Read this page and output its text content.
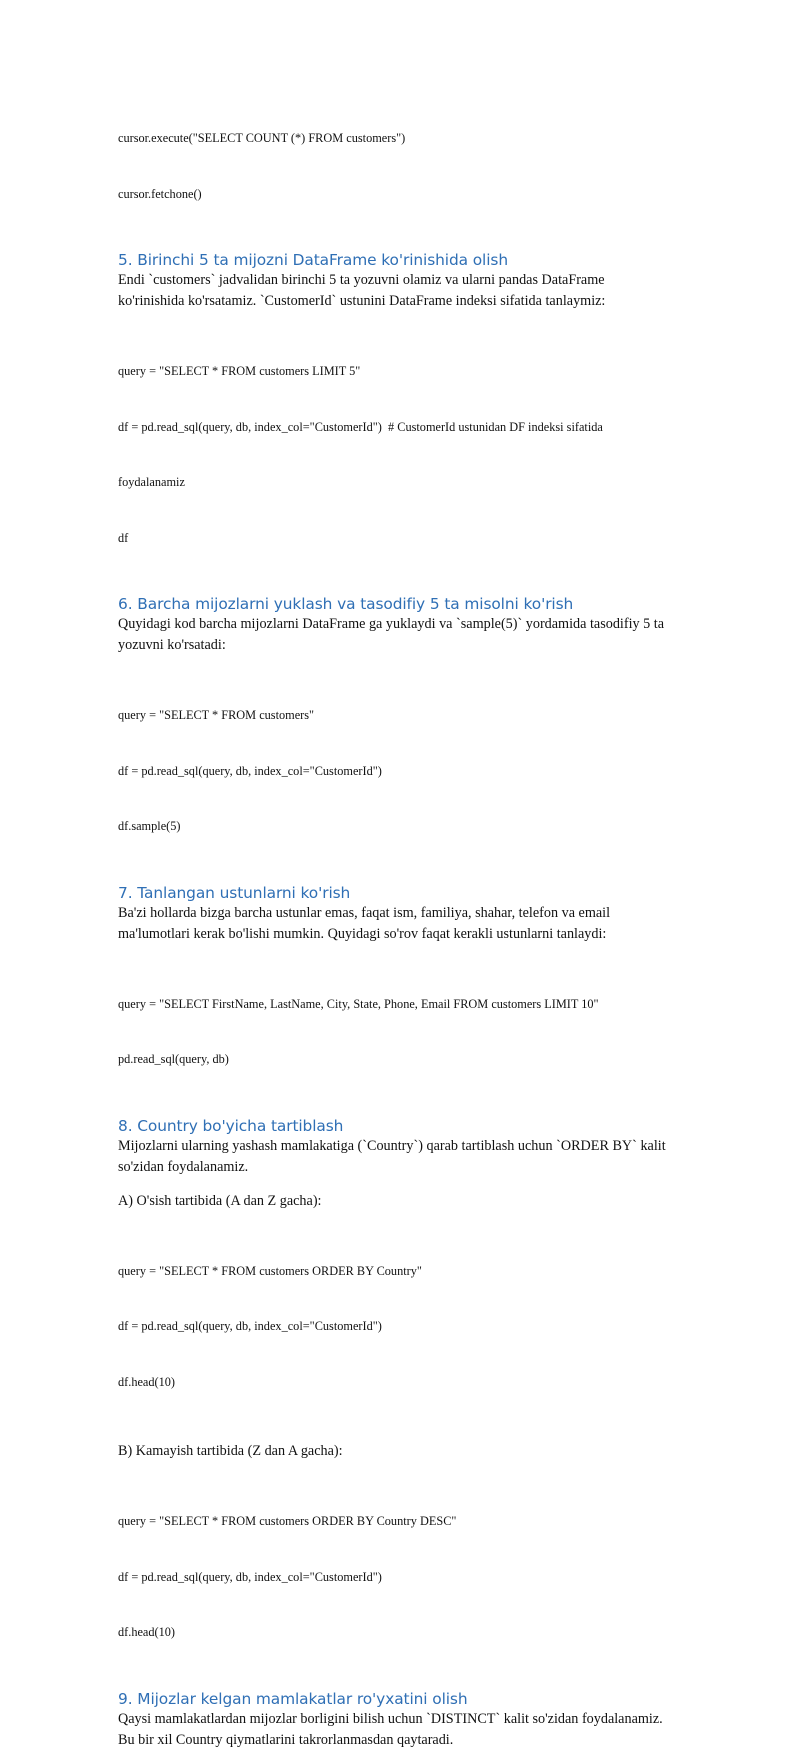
cursor.execute("SELECT COUNT (*) FROM customers")

cursor.fetchone()

5. Birinchi 5 ta mijozni DataFrame ko'rinishida olish
Endi `customers` jadvalidan birinchi 5 ta yozuvni olamiz va ularni pandas DataFrame
ko'rinishida ko'rsatamiz. `CustomerId` ustunini DataFrame indeksi sifatida tanlaymiz:

query = "SELECT * FROM customers LIMIT 5"

df = pd.read_sql(query, db, index_col="CustomerId")  # CustomerId ustunidan DF indeksi sifatida

foydalanamiz

df

6. Barcha mijozlarni yuklash va tasodifiy 5 ta misolni ko'rish
Quyidagi kod barcha mijozlarni DataFrame ga yuklaydi va `sample(5)` yordamida tasodifiy 5 ta
yozuvni ko'rsatadi:

query = "SELECT * FROM customers"

df = pd.read_sql(query, db, index_col="CustomerId")

df.sample(5)

7. Tanlangan ustunlarni ko'rish
Ba'zi hollarda bizga barcha ustunlar emas, faqat ism, familiya, shahar, telefon va email
ma'lumotlari kerak bo'lishi mumkin. Quyidagi so'rov faqat kerakli ustunlarni tanlaydi:

query = "SELECT FirstName, LastName, City, State, Phone, Email FROM customers LIMIT 10"

pd.read_sql(query, db)

8. Country bo'yicha tartiblash
Mijozlarni ularning yashash mamlakatiga (`Country`) qarab tartiblash uchun `ORDER BY` kalit
so'zidan foydalanamiz.
A) O'sish tartibida (A dan Z gacha):

query = "SELECT * FROM customers ORDER BY Country"

df = pd.read_sql(query, db, index_col="CustomerId")

df.head(10)

B) Kamayish tartibida (Z dan A gacha):

query = "SELECT * FROM customers ORDER BY Country DESC"

df = pd.read_sql(query, db, index_col="CustomerId")

df.head(10)

9. Mijozlar kelgan mamlakatlar ro'yxatini olish
Qaysi mamlakatlardan mijozlar borligini bilish uchun `DISTINCT` kalit so'zidan foydalanamiz.
Bu bir xil Country qiymatlarini takrorlanmasdan qaytaradi.
